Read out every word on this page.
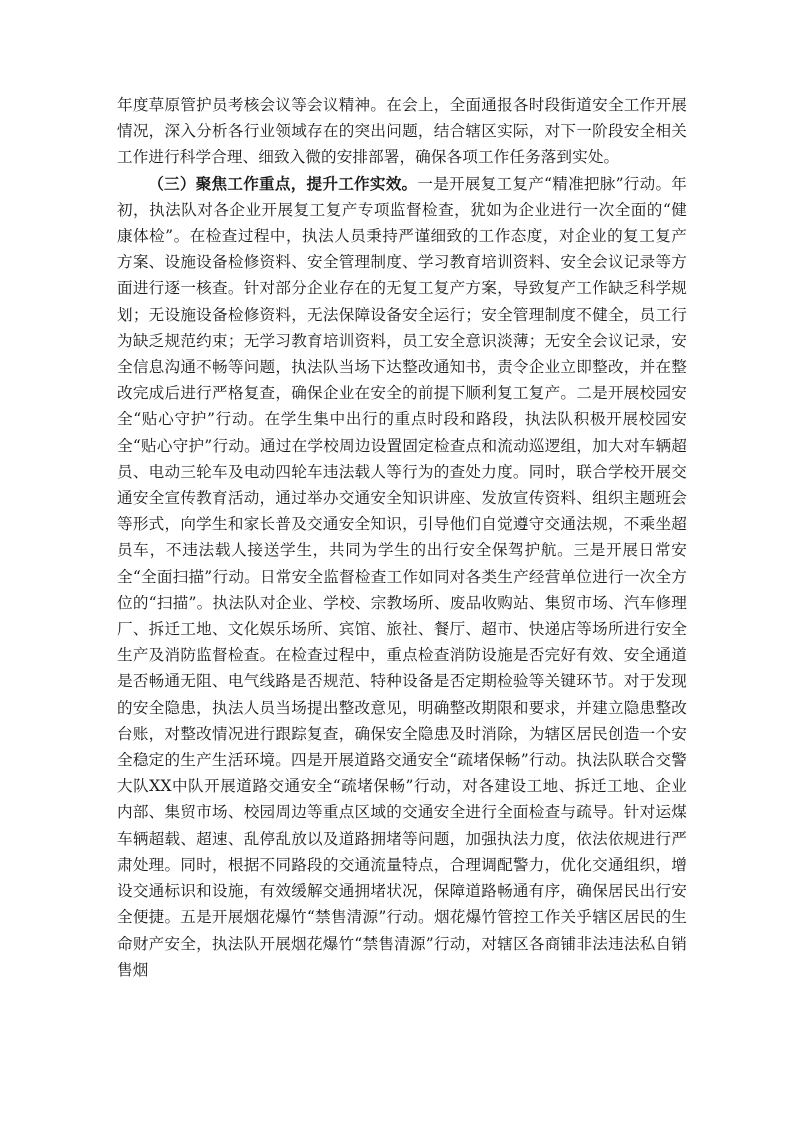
年度草原管护员考核会议等会议精神。在会上，全面通报各时段街道安全工作开展情况，深入分析各行业领域存在的突出问题，结合辖区实际，对下一阶段安全相关工作进行科学合理、细致入微的安排部署，确保各项工作任务落到实处。

（三）聚焦工作重点，提升工作实效。一是开展复工复产“精准把脉”行动。年初，执法队对各企业开展复工复产专项监督检查，犹如为企业进行一次全面的“健康体检”。在检查过程中，执法人员秉持严谨细致的工作态度，对企业的复工复产方案、设施设备检修资料、安全管理制度、学习教育培训资料、安全会议记录等方面进行逐一核查。针对部分企业存在的无复工复产方案，导致复产工作缺乏科学规划；无设施设备检修资料，无法保障设备安全运行；安全管理制度不健全，员工行为缺乏规范约束；无学习教育培训资料，员工安全意识淡薄；无安全会议记录，安全信息沟通不畅等问题，执法队当场下达整改通知书，责令企业立即整改，并在整改完成后进行严格复查，确保企业在安全的前提下顺利复工复产。二是开展校园安全“贴心守护”行动。在学生集中出行的重点时段和路段，执法队积极开展校园安全“贴心守护”行动。通过在学校周边设置固定检查点和流动巡逻组，加大对车辆超员、电动三轮车及电动四轮车违法载人等行为的查处力度。同时，联合学校开展交通安全宣传教育活动，通过举办交通安全知识讲座、发放宣传资料、组织主题班会等形式，向学生和家长普及交通安全知识，引导他们自觉遵守交通法规，不乘坐超员车，不违法载人接送学生，共同为学生的出行安全保驾护航。三是开展日常安全“全面扫描”行动。日常安全监督检查工作如同对各类生产经营单位进行一次全方位的“扫描”。执法队对企业、学校、宗教场所、废品收购站、集贸市场、汽车修理厂、拆迁工地、文化娱乐场所、宾馆、旅社、餐厅、超市、快递店等场所进行安全生产及消防监督检查。在检查过程中，重点检查消防设施是否完好有效、安全通道是否畅通无阻、电气线路是否规范、特种设备是否定期检验等关键环节。对于发现的安全隐患，执法人员当场提出整改意见，明确整改期限和要求，并建立隐患整改台账，对整改情况进行跟踪复查，确保安全隐患及时消除，为辖区居民创造一个安全稳定的生产生活环境。四是开展道路交通安全“疏堵保畅”行动。执法队联合交警大队XX中队开展道路交通安全“疏堵保畅”行动，对各建设工地、拆迁工地、企业内部、集贸市场、校园周边等重点区域的交通安全进行全面检查与疏导。针对运煤车辆超载、超速、乱停乱放以及道路拥堵等问题，加强执法力度，依法依规进行严肃处理。同时，根据不同路段的交通流量特点，合理调配警力，优化交通组织，增设交通标识和设施，有效缓解交通拥堵状况，保障道路畅通有序，确保居民出行安全便捷。五是开展烟花爆竹“禁售清源”行动。烟花爆竹管控工作关乎辖区居民的生命财产安全，执法队开展烟花爆竹“禁售清源”行动，对辖区各商铺非法违法私自销售烟
